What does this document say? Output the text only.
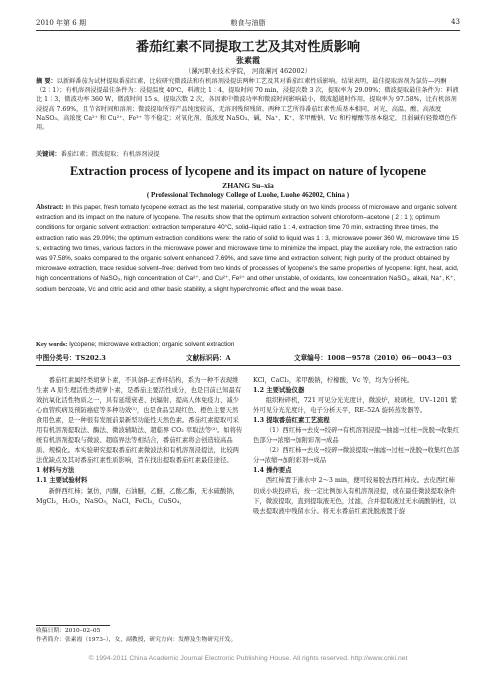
2010 年第 6 期	粮食与油脂	43
番茄红素不同提取工艺及其对性质影响
张素霞
（漯河职业技术学院， 河南漯河 462002）
摘 要：以新鲜番茄为试材提取番茄红素，比较研究微波法和有机溶剂浸提法两种工艺及其对番茄红素性质影响。结果表明，最佳提取溶剂为氯仿—丙酮（2∶1）；有机溶剂浸提最佳条件为：浸提温度 40℃，料液比 1∶4，提取时间 70 min，浸提次数 3 次，提取率为 29.09%；微波提取最佳条件为：料液比 1∶3，微波功率 360 W，微波时间 15 s，提取次数 2 次，各因素中微波功率和微波时间影响最小，微波超越时作用，提取率为 97.58%，比有机溶剂浸提高 7.69%，且节省时间和溶剂；微波提取所得产品纯度较高，无溶剂残留残留。两种工艺所得番茄红素性质基本相同，对光、高温、酸、高浓度 NaSO₃、高浓度 Ca²⁺ 和 Cu²⁺、Fe³⁺ 等不稳定；对氧化剂、低浓度 NaSO₃、碱、Na⁺、K⁺、苯甲酸钠、Vc 和柠檬酸等基本稳定，且弱碱有轻微增色作用。
关键词：番茄红素；微波提取；有机溶剂浸提
Extraction process of lycopene and its impact on nature of lycopene
ZHANG Su–xia
( Professional Technology College of Luohe, Luohe 462002, China )
Abstract: In this paper, fresh tomato lycopene extract as the test material, comparative study on two kinds process of microwave and organic solvent extraction and its impact on the nature of lycopene. The results show that the optimum extraction solvent chloroform–acetone ( 2 : 1 ); optimum conditions for organic solvent extraction: extraction temperature 40°C, solid–liquid ratio 1 : 4, extraction time 70 min, extracting three times, the extraction ratio was 29.09%; the optimum extraction conditions were: the ratio of solid to liquid was 1 : 3, microwave power 360 W, microwave time 15 s, extracting two times, various factors in the microwave power and microwave time to minimize the impact, play the auxiliary role, the extraction ratio was 97.58%, soaks compared to the organic solvent enhanced 7.69%, and save time and extraction solvent; high purity of the product obtained by microwave extraction, trace residue solvent–free; derived from two kinds of processes of lycopene’s the same properties of lycopene: light, heat, acid, high concentrations of NaSO₃, high concentration of Ca²⁺, and Cu²⁺, Fe³⁺ and other unstable, of oxidants, low concentration NaSO₃, alkali, Na⁺, K⁺, sodium benzoate, Vc and citric acid and other basic stability, a slight hyperchromic effect and the weak base.
Key words: lycopene; microwave extraction; organic solvent extraction
中图分类号：TS202.3	文献标识码：A	文章编号：1008－9578（2010）06－0043－03

番茄红素属经类胡萝卜素，不具备β-正香环结构，系为一种不表现维生素 A 原生理活性类胡萝卜素，是番茄主要活性成分，也是目前已知最有效抗氧化活性物质之一，具有延缓衰老、抗辐射、提高人体免疫力、减少心血管疾病及预防癌症等多种功效⁽¹⁾，也是食品呈现红色、橙色主要天然食用色素，是一种很有发展前景新型功能性天然色素。番茄红素提取可采用有机溶剂提取法、酶法、微波辅助法、超临界 CO₂ 萃取法等⁽²⁾。如将传统有机溶剂提取与微波、超临界法等相结合，番茄红素将会创造较高品质、规模化。本实验研究提取番茄红素微波法和有机溶剂浸提法，比较两法优缺点及其对番茄红素性质影响，旨在找出提取番茄红素最佳途径。

1 材料与方法

1.1 主要试验材料

新鲜西红柿；氯仿，丙酮，石油醚，乙醚，乙酸乙酯，无水硫酸钠，MgCl₂，H₂O₂，NaSO₃，NaCl，FeCl₃，CuSO₄，

KCl，CaCl₂，苯甲酸钠，柠檬酸，Vc 等，均为分析纯。

1.2 主要试验仪器

组织粉碎机，721 可见分光光度计，微波炉，玻璃柱，UV–1201 紫外可见分光光度计，电子分析天平，RE–52A 旋转蒸发器等。

1.3 提取番茄红素工艺流程

（1）西红柿→去皮→绞碎→有机溶剂浸提→抽滤→过柱→洗脱→收集红色部分→浓缩→加附彩剂→成品

（2）西红柿→去皮→绞碎→微波提取→抽滤→过柱→洗脱→收集红色部分→浓缩→加附彩剂→成品

1.4 操作要点

西红柿置于沸水中 2～3 min，便可较易脱去西红柿皮。去皮西红柿切成小块投碎后，按一定比例加入有机溶剂浸提，或在最佳微波提取条件下，微波提取，直到提取液无色，过滤，合并提取液过无水硫酸钠柱，以吸去提取液中残留水分。将无水番茄红素洗脱液置于旋

收稿日期：2010–02–05
作者简介：张素霞（1973–），女，副教授，研究方向：发酵及生物研究开发。
© 1994-2011 China Academic Journal Electronic Publishing House. All rights reserved. http://www.cnki.net
